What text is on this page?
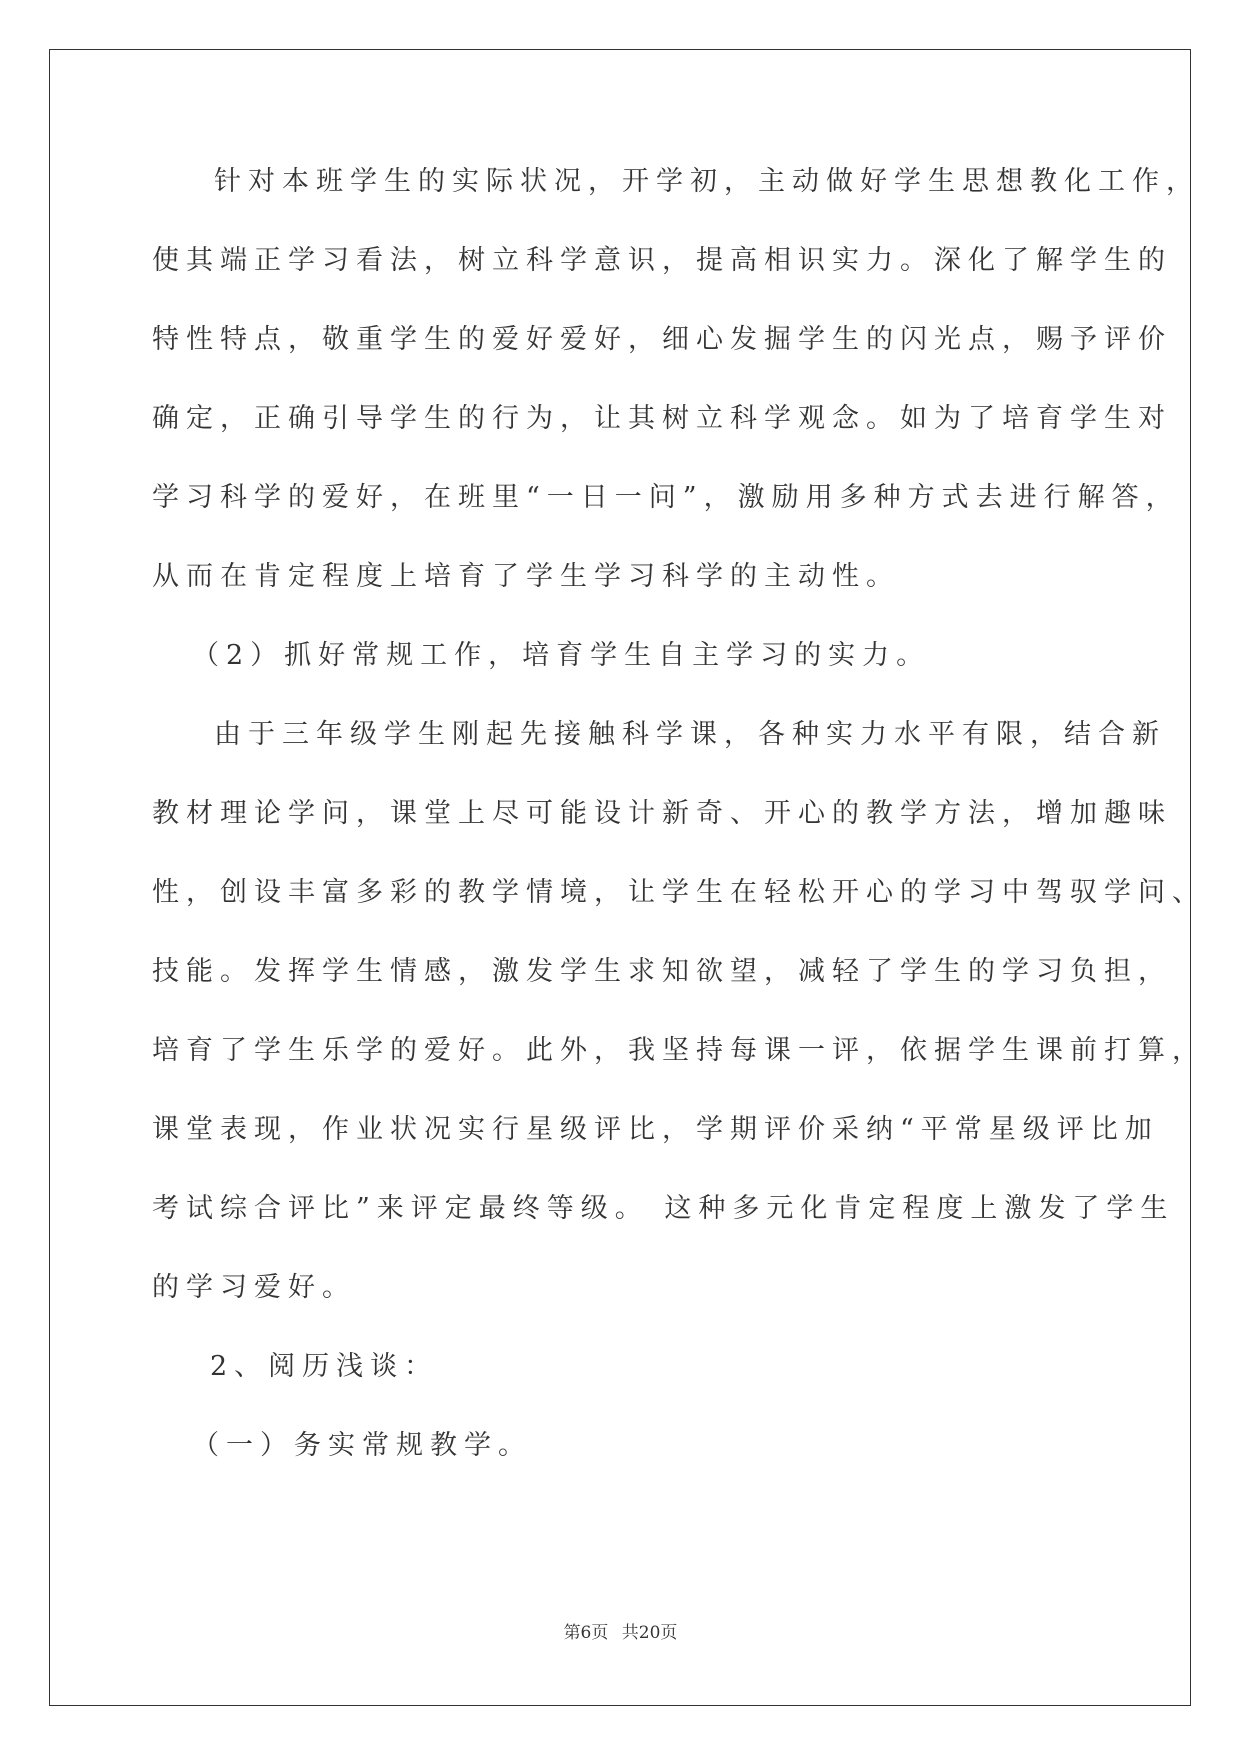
针对本班学生的实际状况，开学初，主动做好学生思想教化工作，
使其端正学习看法，树立科学意识，提高相识实力。深化了解学生的
特性特点，敬重学生的爱好爱好，细心发掘学生的闪光点，赐予评价
确定，正确引导学生的行为，让其树立科学观念。如为了培育学生对
学习科学的爱好，在班里“一日一问”，激励用多种方式去进行解答，
从而在肯定程度上培育了学生学习科学的主动性。
（2）抓好常规工作，培育学生自主学习的实力。
由于三年级学生刚起先接触科学课，各种实力水平有限，结合新
教材理论学问，课堂上尽可能设计新奇、开心的教学方法，增加趣味
性，创设丰富多彩的教学情境，让学生在轻松开心的学习中驾驭学问、
技能。发挥学生情感，激发学生求知欲望，减轻了学生的学习负担，
培育了学生乐学的爱好。此外，我坚持每课一评，依据学生课前打算，
课堂表现，作业状况实行星级评比，学期评价采纳“平常星级评比加
考试综合评比”来评定最终等级。 这种多元化肯定程度上激发了学生
的学习爱好。
2、阅历浅谈：
（一）务实常规教学。
第6页 共20页
